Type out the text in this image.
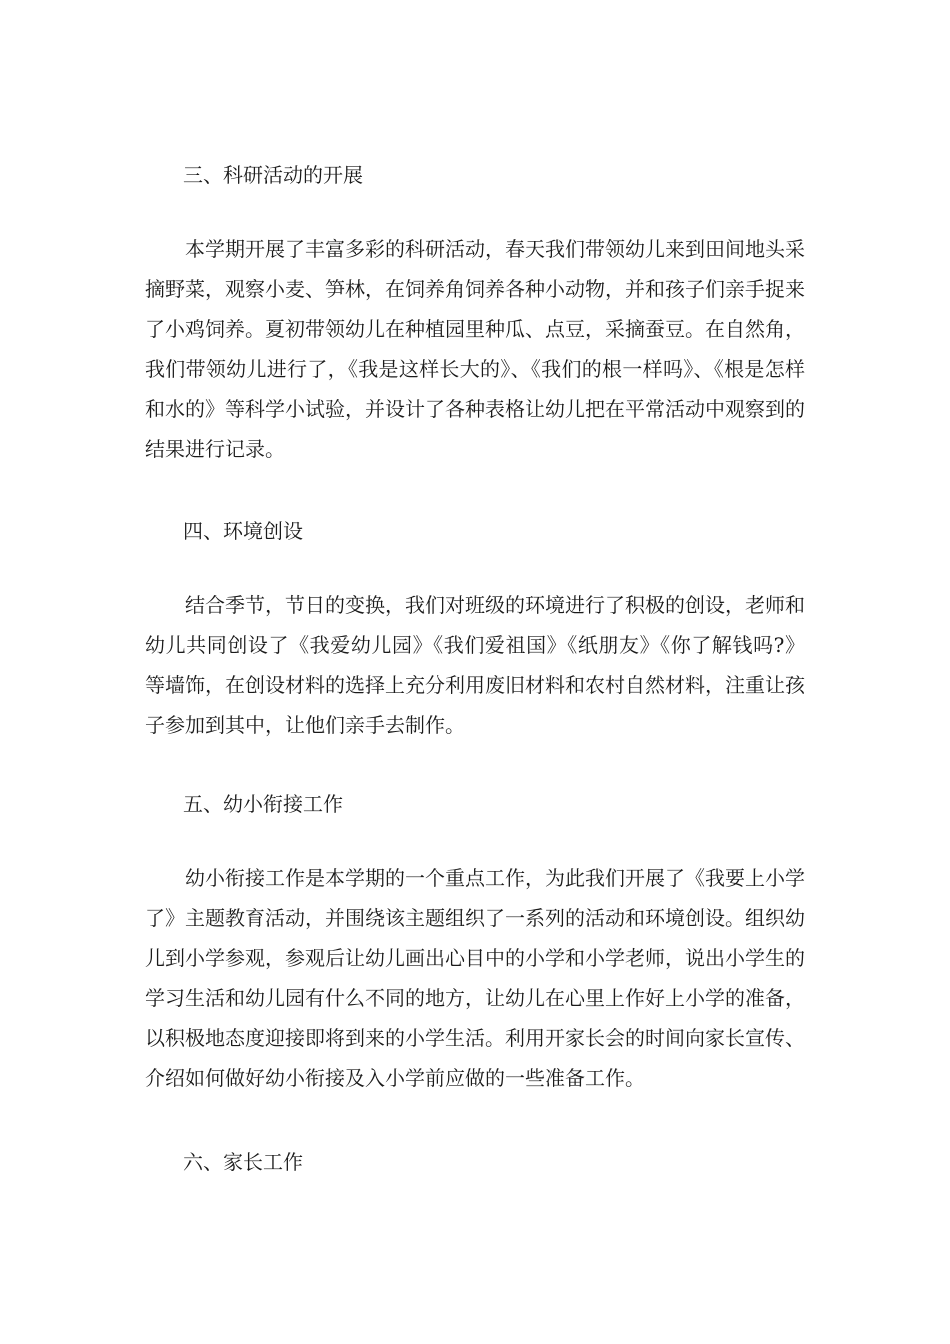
三、科研活动的开展

本学期开展了丰富多彩的科研活动，春天我们带领幼儿来到田间地头采摘野菜，观察小麦、笋林，在饲养角饲养各种小动物，并和孩子们亲手捉来了小鸡饲养。夏初带领幼儿在种植园里种瓜、点豆，采摘蚕豆。在自然角，我们带领幼儿进行了，《我是这样长大的》、《我们的根一样吗》、《根是怎样和水的》等科学小试验，并设计了各种表格让幼儿把在平常活动中观察到的结果进行记录。

四、环境创设

结合季节，节日的变换，我们对班级的环境进行了积极的创设，老师和幼儿共同创设了《我爱幼儿园》《我们爱祖国》《纸朋友》《你了解钱吗?》等墙饰，在创设材料的选择上充分利用废旧材料和农村自然材料，注重让孩子参加到其中，让他们亲手去制作。

五、幼小衔接工作

幼小衔接工作是本学期的一个重点工作，为此我们开展了《我要上小学了》主题教育活动，并围绕该主题组织了一系列的活动和环境创设。组织幼儿到小学参观，参观后让幼儿画出心目中的小学和小学老师，说出小学生的学习生活和幼儿园有什么不同的地方，让幼儿在心里上作好上小学的准备，以积极地态度迎接即将到来的小学生活。利用开家长会的时间向家长宣传、介绍如何做好幼小衔接及入小学前应做的一些准备工作。

六、家长工作
